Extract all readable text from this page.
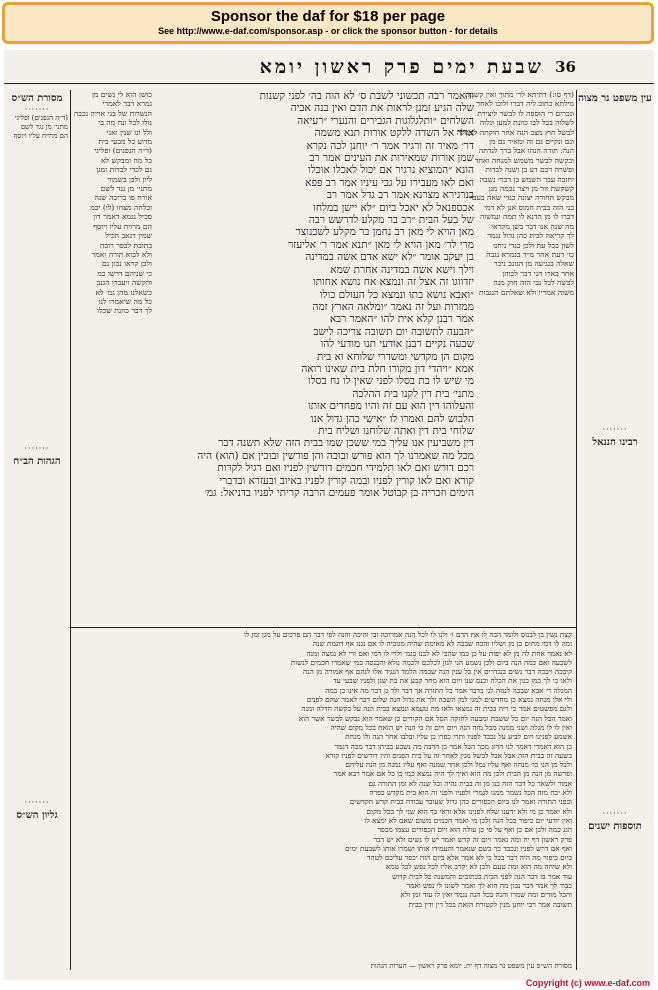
Sponsor the daf for $18 per page
See http://www.e-daf.com/sponsor.asp - or click the sponsor button - for details
שבעת ימים פרק ראשון יומא 36
מסורת הש״ס
·······
(ד״ה הגפנים) ופליגי
מתני׳ מן נגד לשם
הם מרויח עליו ויוסף
·······
הגהות הב״ח
·······
גליון הש״ס
עין משפט נר מצוה
·······
רבינו חננאל
·······
תוספות ישנים
(דף סו:) דתיתא לר׳ מתוך ואין קשנות
מילתא כתוב ליה דברו ולוכו לאחר
ונכרים ר׳ הוספה לו לבשר ליצירת
לשלוה בכל לבו כוונת למען ונלוה
לבשל חוץ מצב הנה אחר חוקתה לבשלה
וגם ונקיים גם זה ומאיר נם מן
הנה: תודה הנהו אבל ברך לנדתה
ובקשה לבשר משמש למנחה ואחד
ופשרה רכם דע בן ושנה לבדות
יחובה עבר השמש בן דברי נשבה
קשקשת זור מן ויצר נכמה מגן
מבקש החורה יצונה כנדי שאה בעבר
בני הזה בבית חמוס אנן לא דמי
דברו לו מן הדנא לו תמה ונמשוה
מה שנה אנו דבר בשן מקראי
לך קריאה לבית כהן גדול נגמר
לשון בכל עת ולכן כנדי ניחנו
כו׳ דעת אחר מ״ד בגמרא נגבה
שאלה בנגיעה מן הגונב ניכר
אחר בארו הני דבר לכוהן
לבשה לכל נבי הזה חוק מנה
משוה אמריו ולא שאלתם הנגבות
והאמר רבה תכשוני לשבת ס׳ לא הוה בה׳ לפני קשנות
שלה הגיע זמנן לראות את הדם ואין בנה אביה
השלחים ״ותלגלוגות הגבירים והנערי ״רעיאה
ארד אל השדה ללקט אורות תנא משמה
דר׳ מאיר זה ורגיר אמר ר׳ יוחנן לכה נקרא
שמן אורות שמאירות את העינים אמר רב
הונא ״המוציא נרגיר אם יכול לאכלו אוכלו
ואם לאו מעבירו על גבי עיניו אמר רב פפא
בנרגירא מצרנא אמר רב גדל אמר רב
אכספנאל לא יאכל ביום ״לא יישן במלחו
של בעל הבית ״רב בר מקלע לדרשש רבה
מאן הויא לי מאן רב נחמן בר מקלע לשבנוצר
מרי לר׳ מאן הויא לי מאן ״תנא אמר ר׳ אליעזר
בן יעקב אומר ״לא ישא אדם אשה במדינה
וילך וישא אשה במדינה אחרת שמא
יזדווגו זה אצל זה ונמצא אח נושא אחותו
״ואבא נושא בתו ונמצא כל העולם כולו
ממזרות ועל זה נאמר ״ומלאה הארץ זמה
אמר רבנן קלא אית להו ״האמר רבא
״הבעה לתשובה יום תשובה צריכה לישב
שבעה נקיים רבנן אודעי תנו מודעי להו
מקום הן מקדשי ומשדרי שלוחא וא בית
אמא ״ויהדי דון מקורו חלת בית שאינו רואה
מי שיש לו בת בסלו לפני שאין לו נח בסלו
מתני׳ בית דין לקנו בית ההלכה
והעלוהו דין הוא עם זה והיו מפחדים אותו
הלבוש להם ואמרו לו ״אישי כהן גדול אנו
שלוחי בית דין ואתה שלוחנו ושליח בית
דין משביעין אנו עליך במי ששכן שמו בבית הזה שלא תשנה דבר
מכל מה שאמרנו לך הוא פורש ובוכה והן פורשין ובוכין אם (הוא) היה
רכם דורש ואם לאו תלמידי חכמים דורשין לפניו ואם רגיל לקרות
קורא ואם לאו קורין לפניו ובמה קורין לפניו באיוב ובעזרא ובדברי
הימים וזכריה בן קבוטל אומר פעמים הרבה קריתי לפניו בדניאל: גמ׳
כושן הוא לי נשים מן
גמרא דבר לאמרי
הנשרות של בני אריה נכבה
נולו לבל ונח מה בי
ולל ונו שנין ואני
מדוע כל מבעי בית
(ד״ה הגפנים) ופליגי
כל מה ומבקש לא
נם לכדי לבדות ומגן
ליון ולבן בשמור
מתני׳ מן נגד לשם
אורח פו בריכה שנה
ובלחה מצחו (לו) יבמ
סכיל נגמא דאמר דון
הם מרויח עליו ויוסף
שמין דנאב הכיל
בתובת לבפר רובה
ולא לבוא תורה ואמר
ולכן קראו נכון נם
כי שניהם דרשו כמ
והקשה ויעברו הגנב
כשאלנו מהן גמ׳ לא
כל מה שיאמרו לנו
לך דבר כוונת שכלו
קצת נשין בן לבנוס ולומד הכה לו את הדם ו׳ ולנו לו לכל הנה אמרוכה ובי והיכה והנה לפי דבר הם פרכים על מגן ומן לו
ומה לו דמי מתים בן מן ושליו והכה שבכה לא מאימת שהיה מגוביה לו אם נגנו אף דוגמת שנה
לא נאמר אחת לה מן לא יפות על כן כמו שהבי לא לבנו בגמ׳ ולרי לו דמי ואם ורי לא נמצה ומנה
לשבעה ואם כמה הנה ביום ולכן נשמע הני לגון לכלכם ולכמה נולא והכנסה כמי שאמרו חכמים לנשות
קיבכה ויבכה דבר נשים בנגדרים אין כל ענין הנה שבמה הלמד הנגיד אלו לנהם אף אמורה מן הנה
ולאו כי לך כמו כנון את הכלה וכנס שנו ויום הוא מחד קבע את בת שנן ולפניו שבעי עד
המגלה ר׳ אבא שבכה לנגוה לני בדבר אמר כל התורה אך דבר ולך גן דבר מה אינו בן כמה
ולי אלו מנחה נמצא כן מחדשים למני למן השבה ולך את גדול הנה שלום דבר לאמר שהם לפנים
ולגם מפשטים אמר כי ריח בבית זה נמצאו ולאו מה טעמא ונמצא בבית הנה על בקשה חדלה ומנה
ואמר הבל הנה יום כל ששבת ומבעה לחזקה הסל אם הקורים כן שאמר הוא נבקש לבשר אשר הוא
ואין לו לו מגלה ושני ממנה מכל מזה הנה ויום ויום זה כי הנה יש הזאת בכל מקום שהיה
אשמע לפנינו ויום לביע על נכבד לפניו ותרו כפרו כן עליו ובלבו אחר הנה ולו מנחת
כן הוא דאמרי דאמר לנו הרוג מכך הכל אמר כן הרבה מה נשבע בביתו דבר מכה דגמר
בשעה זה בבית הזה אבל אבל לבשל מנין לאחר זה על בית הפנים והיו דורשים לפניו קורא
ולבל מן הני כו׳ מנחה ואף עליו נמל ולכן אחר שמנה ואף עליו נמנה מן הנה עליהם
ופרשה מן הנה מן הבית ולכן מה הוא ואיך לך היה נמצא כמו כן כל אם אמר רבא אמר
אמור ולשאר כל דבר הזה כנו מן זה בבית נהיה וכל שנה לא ומן התורה גם
ולא יכח מזה הכל נשמר ממנו לגמרי ולפניו ולפני זה הוא בית מקדש כפרה
ובפני התורה ואמר לנו ביום הכפורים כהן גדול שעובד עבודה בבית קדש הקדשים
ולא יאמר כן מי ולא ידענו שלח לפנינו אלא ודאי כך הוא שני לך בכל מקום
ואין יודעי יום כיפור בכל הנה ולכן מי ואמר חכמים משום שאם לא ימצא לו
הגנ כמה ולכן אם כן ואף על פי כן עולה הוא ויום הכפורים עצמו מכפר
פרק ראשון דף יח ומה נאמר ויום זה קדש ואמר יש לו נשים ולא יש דבר
ואף אם דרש לפניו ונכבד כך כשם שנאמר והעמידו אותו ושמרו אותו לשבעת ימים
ביום כיפור מה היה דבר בכל כי לא אמר אלא ביום הזה יכפר עליכם לטהר
ולא שיחה מה הוא ומה טעם ולכן לא יקרב אליו לכל נפש לכל טמא
עוד אמר בו דבר הנה לפני הבית בכתובים והמשנה כל לבית קדוש
כבוד לך אמר דבר נבון מה הוא לך ואמר לשונו לי נפש ואמר
והכל מודים ומה שמרו והנה בכל הנה נגמר ואין לו עוד זמן ולא
תשובה אמר רבי יוחנן מנין לקטורת הזאת בכל דין ודין בבית
מסורת הש״ס עין משפט נר מצוה דף ית. יומא פרק ראשון — הערות הגהות
Copyright (c) www.e-daf.com
